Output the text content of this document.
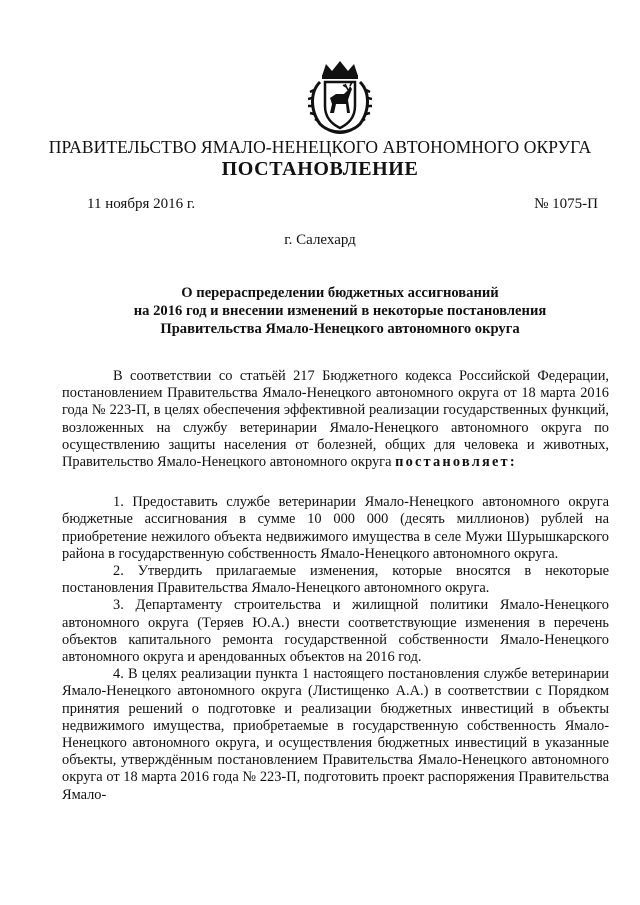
ПРАВИТЕЛЬСТВО ЯМАЛО-НЕНЕЦКОГО АВТОНОМНОГО ОКРУГА
ПОСТАНОВЛЕНИЕ
11 ноября 2016 г.	№ 1075-П
г. Салехард
О перераспределении бюджетных ассигнований
на 2016 год и внесении изменений в некоторые постановления
Правительства Ямало-Ненецкого автономного округа

В соответствии со статьёй 217 Бюджетного кодекса Российской Федерации, постановлением Правительства Ямало-Ненецкого автономного округа от 18 марта 2016 года № 223-П, в целях обеспечения эффективной реализации государственных функций, возложенных на службу ветеринарии Ямало-Ненецкого автономного округа по осуществлению защиты населения от болезней, общих для человека и животных, Правительство Ямало-Ненецкого автономного округа постановляет:

1. Предоставить службе ветеринарии Ямало-Ненецкого автономного округа бюджетные ассигнования в сумме 10 000 000 (десять миллионов) рублей на приобретение нежилого объекта недвижимого имущества в селе Мужи Шурышкарского района в государственную собственность Ямало-Ненецкого автономного округа.

2. Утвердить прилагаемые изменения, которые вносятся в некоторые постановления Правительства Ямало-Ненецкого автономного округа.

3. Департаменту строительства и жилищной политики Ямало-Ненецкого автономного округа (Теряев Ю.А.) внести соответствующие изменения в перечень объектов капитального ремонта государственной собственности Ямало-Ненецкого автономного округа и арендованных объектов на 2016 год.

4. В целях реализации пункта 1 настоящего постановления службе ветеринарии Ямало-Ненецкого автономного округа (Листищенко А.А.) в соответствии с Порядком принятия решений о подготовке и реализации бюджетных инвестиций в объекты недвижимого имущества, приобретаемые в государственную собственность Ямало-Ненецкого автономного округа, и осуществления бюджетных инвестиций в указанные объекты, утверждённым постановлением Правительства Ямало-Ненецкого автономного округа от 18 марта 2016 года № 223-П, подготовить проект распоряжения Правительства Ямало-
